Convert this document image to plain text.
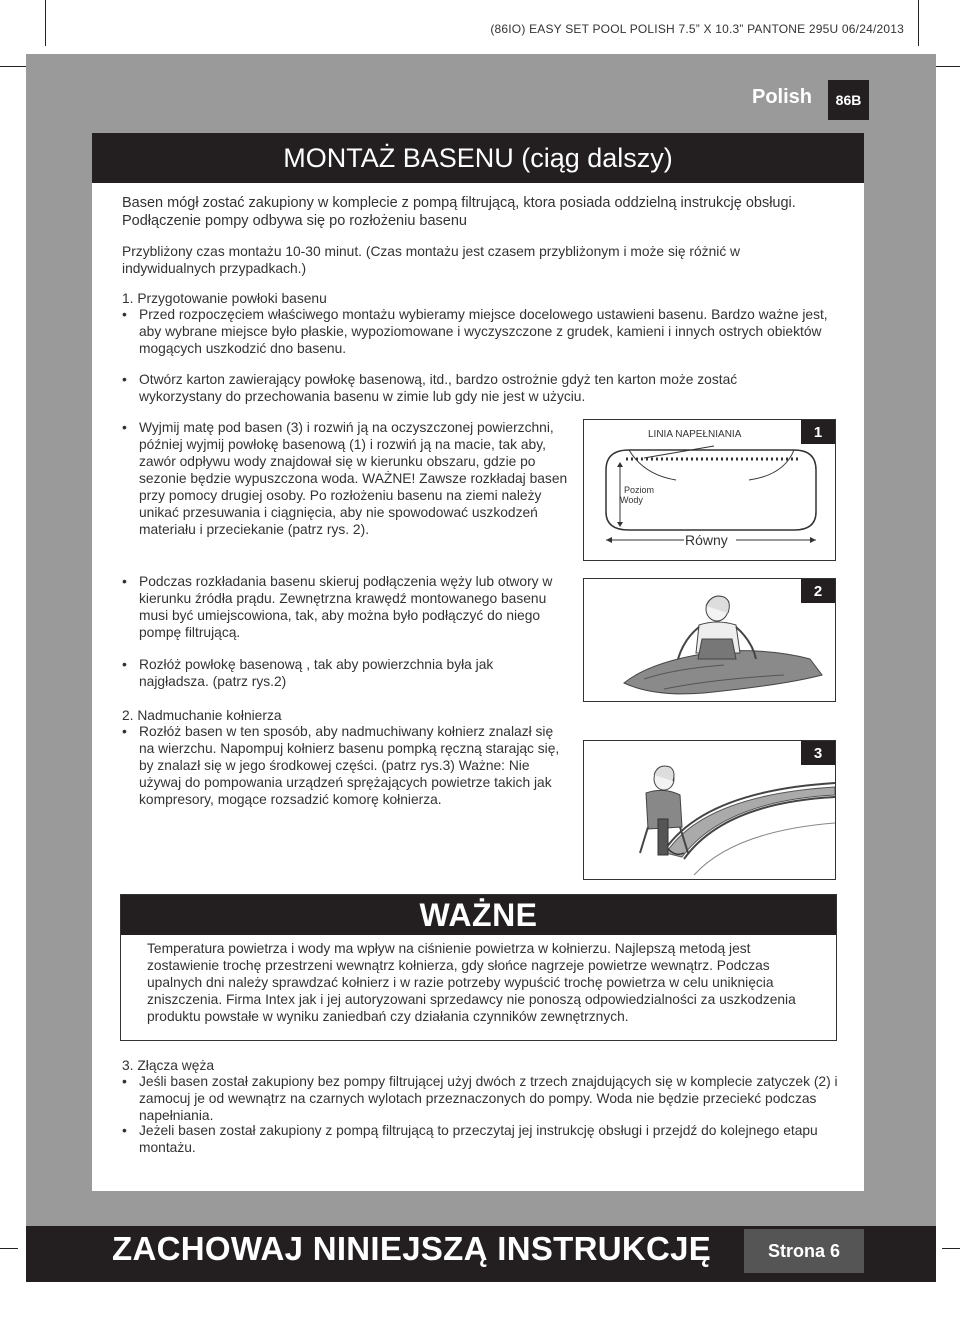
(86IO) EASY SET POOL POLISH 7.5” X 10.3” PANTONE 295U 06/24/2013
Polish	86B
MONTAŻ BASENU (ciąg dalszy)

Basen mógł zostać zakupiony w komplecie z pompą filtrującą, ktora posiada oddzielną instrukcję obsługi. Podłączenie pompy odbywa się po rozłożeniu basenu

Przybliżony czas montażu 10-30 minut. (Czas montażu jest czasem przybliżonym i może się różnić w indywidualnych przypadkach.)

1. Przygotowanie powłoki basenu

• Przed rozpoczęciem właściwego montażu wybieramy miejsce docelowego ustawieni basenu. Bardzo ważne jest, aby wybrane miejsce było płaskie, wypoziomowane i wyczyszczone z grudek, kamieni i innych ostrych obiektów mogących uszkodzić dno basenu.

• Otwórz karton zawierający powłokę basenową, itd., bardzo ostrożnie gdyż ten karton może zostać wykorzystany do przechowania basenu w zimie lub gdy nie jest w użyciu.

• Wyjmij matę pod basen (3) i rozwiń ją na oczyszczonej powierzchni, później wyjmij powłokę basenową (1) i rozwiń ją na macie, tak aby, zawór odpływu wody znajdował się w kierunku obszaru, gdzie po sezonie będzie wypuszczona woda. WAŻNE! Zawsze rozkładaj basen przy pomocy drugiej osoby. Po rozłożeniu basenu na ziemi należy unikać przesuwania i ciągnięcia, aby nie spowodować uszkodzeń materiału i przeciekanie (patrz rys. 2).

• Podczas rozkładania basenu skieruj podłączenia węży lub otwory w kierunku źródła prądu. Zewnętrzna krawędź montowanego basenu musi być umiejscowiona, tak, aby można było podłączyć do niego pompę filtrującą.

• Rozłóż powłokę basenową , tak aby powierzchnia była jak najgładsza. (patrz rys.2)

2. Nadmuchanie kołnierza

• Rozłóż basen w ten sposób, aby nadmuchiwany kołnierz znalazł się na wierzchu. Napompuj kołnierz basenu pompką ręczną starając się, by znalazł się w jego środkowej części. (patrz rys.3) Ważne: Nie używaj do pompowania urządzeń sprężających powietrze takich jak kompresory, mogące rozsadzić komorę kołnierza.

1
LINIA NAPEŁNIANIA
Poziom
Wody
Równy
2
3
WAŻNE

Temperatura powietrza i wody ma wpływ na ciśnienie powietrza w kołnierzu. Najlepszą metodą jest zostawienie trochę przestrzeni wewnątrz kołnierza, gdy słońce nagrzeje powietrze wewnątrz. Podczas upalnych dni należy sprawdzać kołnierz i w razie potrzeby wypuścić trochę powietrza w celu uniknięcia zniszczenia. Firma Intex jak i jej autoryzowani sprzedawcy nie ponoszą odpowiedzialności za uszkodzenia produktu powstałe w wyniku zaniedbań czy działania czynników zewnętrznych.

3. Złącza węża

• Jeśli basen został zakupiony bez pompy filtrującej użyj dwóch z trzech znajdujących się w komplecie zatyczek (2) i zamocuj je od wewnątrz na czarnych wylotach przeznaczonych do pompy. Woda nie będzie przeciekć podczas napełniania.

• Jeżeli basen został zakupiony z pompą filtrującą to przeczytaj jej instrukcję obsługi i przejdź do kolejnego etapu montażu.

ZACHOWAJ NINIEJSZĄ INSTRUKCJĘ	Strona 6
